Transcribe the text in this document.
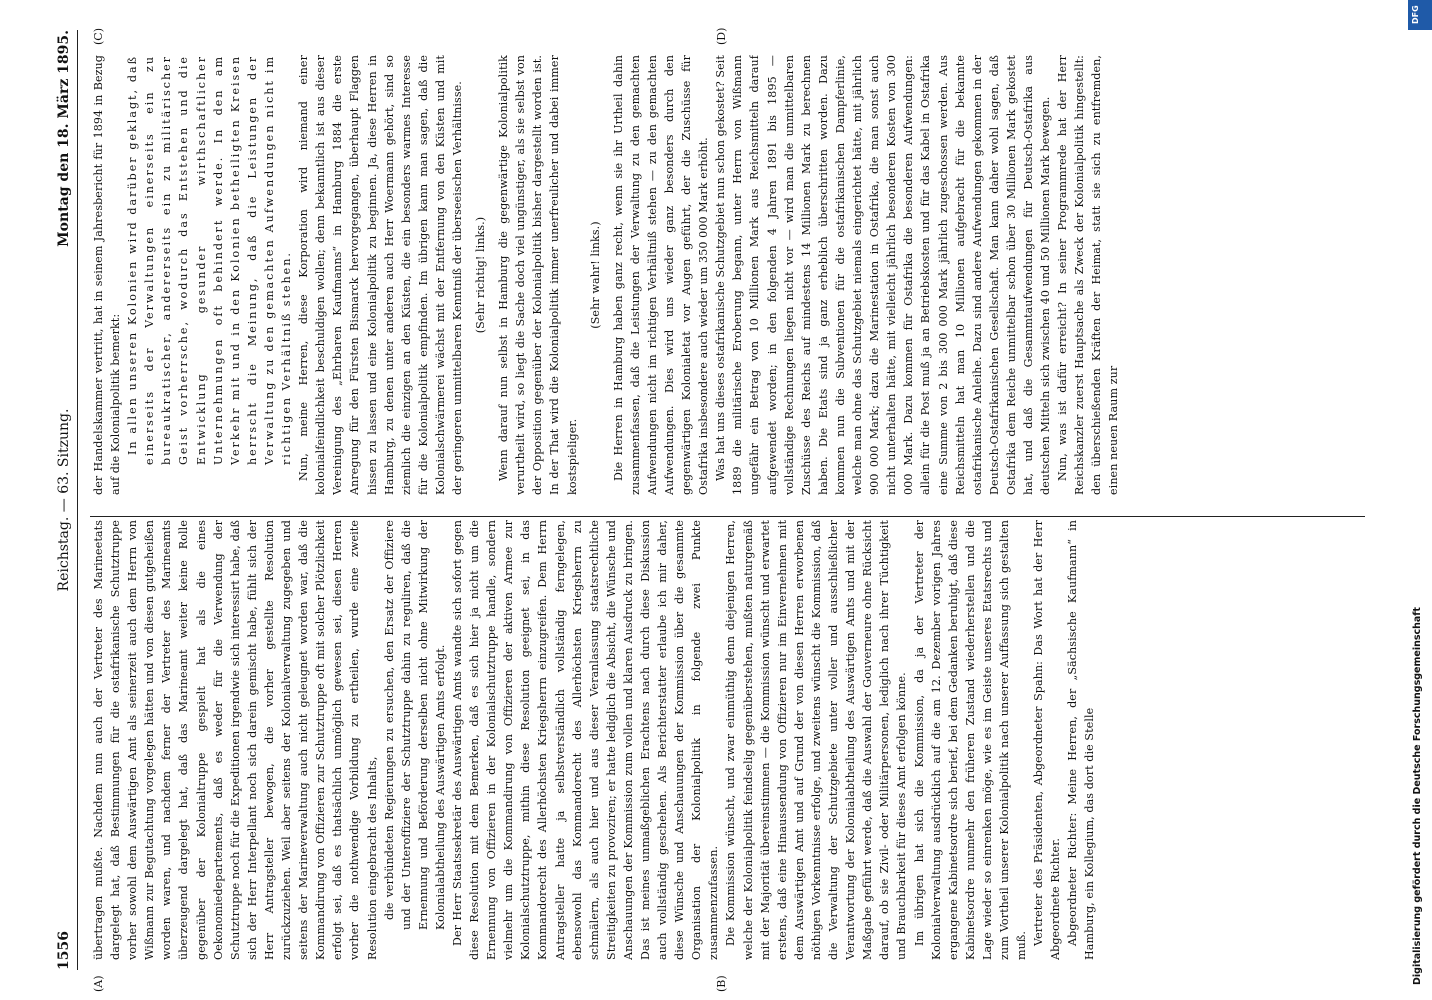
1556
Reichstag. — 63. Sitzung.
Montag den 18. März 1895.
(A)	(B)
(C)	(D)

übertragen mußte. Nachdem nun auch der Vertreter des Marineetats dargelegt hat, daß Bestimmungen für die ostafrikanische Schutztruppe vorher sowohl dem Auswärtigen Amt als seinerzeit auch dem Herrn von Wißmann zur Begutachtung vorgelegen hätten und von diesen gutgeheißen worden waren, und nachdem ferner der Vertreter des Marineamts überzeugend dargelegt hat, daß das Marineamt weiter keine Rolle gegenüber der Kolonialtruppe gespielt hat als die eines Oekonomiedepartements, daß es weder für die Verwendung der Schutztruppe noch für die Expeditionen irgendwie sich interessirt habe, daß sich der Herr Interpellant noch sich darein gemischt habe, fühlt sich der Herr Antragsteller bewogen, die vorher gestellte Resolution zurückzuziehen. Weil aber seitens der Kolonialverwaltung zugegeben und seitens der Marineverwaltung auch nicht geleugnet worden war, daß die Kommandirung von Offizieren zur Schutztruppe oft mit solcher Plötzlichkeit erfolgt sei, daß es thatsächlich unmöglich gewesen sei, diesen Herren vorher die nothwendige Vorbildung zu ertheilen, wurde eine zweite Resolution eingebracht des Inhalts, die verbündeten Regierungen zu ersuchen, den Ersatz der Offiziere und der Unteroffiziere der Schutztruppe dahin zu reguliren, daß die Ernennung und Beförderung derselben nicht ohne Mitwirkung der Kolonialabtheilung des Auswärtigen Amts erfolgt. Der Herr Staatssekretär des Auswärtigen Amts wandte sich sofort gegen diese Resolution mit dem Bemerken, daß es sich hier ja nicht um die Ernennung von Offizieren in der Kolonialschutztruppe handle, sondern vielmehr um die Kommandirung von Offizieren der aktiven Armee zur Kolonialschutztruppe, mithin diese Resolution geeignet sei, in das Kommandorecht des Allerhöchsten Kriegsherrn einzugreifen. Dem Herrn Antragsteller hatte ja selbstverständlich vollständig ferngelegen, ebensowohl das Kommandorecht des Allerhöchsten Kriegsherrn zu schmälern, als auch hier und aus dieser Veranlassung staatsrechtliche Streitigkeiten zu provoziren; er hatte lediglich die Absicht, die Wünsche und Anschauungen der Kommission zum vollen und klaren Ausdruck zu bringen. Das ist meines unmaßgeblichen Erachtens nach durch diese Diskussion auch vollständig geschehen. Als Berichterstatter erlaube ich mir daher, diese Wünsche und Anschauungen der Kommission über die gesammte Organisation der Kolonialpolitik in folgende zwei Punkte zusammenzufassen. Die Kommission wünscht, und zwar einmüthig denn diejenigen Herren, welche der Kolonialpolitik feindselig gegenüberstehen, mußten naturgemäß mit der Majorität übereinstimmen — die Kommission wünscht und erwartet erstens, daß eine Hinaussendung von Offizieren nur im Einvernehmen mit dem Auswärtigen Amt und auf Grund der von diesen Herren erworbenen nöthigen Vorkenntnisse erfolge, und zweitens wünscht die Kommission, daß die Verwaltung der Schutzgebiete unter voller und ausschließlicher Verantwortung der Kolonialabtheilung des Auswärtigen Amts und mit der Maßgabe geführt werde, daß die Auswahl der Gouverneure ohne Rücksicht darauf, ob sie Zivil- oder Militärpersonen, lediglich nach ihrer Tüchtigkeit und Brauchbarkeit für dieses Amt erfolgen könne. Im übrigen hat sich die Kommission, da ja der Vertreter der Kolonialverwaltung ausdrücklich auf die am 12. Dezember vorigen Jahres ergangene Kabinetsordre sich berief, bei dem Gedanken beruhigt, daß diese Kabinetsordre nunmehr den früheren Zustand wiederherstellen und die Lage wieder so einrenken möge, wie es im Geiste unseres Etatsrechts und zum Vortheil unserer Kolonialpolitik nach unserer Auffassung sich gestalten muß. Vertreter des Präsidenten, Abgeordneter Spahn: Das Wort hat der Herr Abgeordnete Richter. Abgeordneter Richter: Meine Herren, der „Sächsische Kaufmann“ in Hamburg, ein Kollegium, das dort die Stelle

der Handelskammer vertritt, hat in seinem Jahresbericht für 1894 in Bezug auf die Kolonialpolitik bemerkt: In allen unseren Kolonien wird darüber geklagt, daß einerseits der Verwaltungen einerseits ein zu bureaukratischer, andererseits ein zu militärischer Geist vorherrsche, wodurch das Entstehen und die Entwicklung gesunder wirthschaftlicher Unternehmungen oft behindert werde. In den am Verkehr mit und in den Kolonien betheiligten Kreisen herrscht die Meinung, daß die Leistungen der Verwaltung zu den gemachten Aufwendungen nicht im richtigen Verhältniß stehen. Nun, meine Herren, diese Korporation wird niemand einer kolonialfeindlichkeit beschuldigen wollen; denn bekanntlich ist aus dieser Vereinigung des „Ehrbaren Kaufmanns“ in Hamburg 1884 die erste Anregung für den Fürsten Bismarck hervorgegangen, überhaupt Flaggen hissen zu lassen und eine Kolonialpolitik zu beginnen. Ja, diese Herren in Hamburg, zu denen unter anderen auch Herr Woermann gehört, sind so ziemlich die einzigen an den Küsten, die ein besonders warmes Interesse für die Kolonialpolitik empfinden. Im übrigen kann man sagen, daß die Kolonialschwärmerei wächst mit der Entfernung von den Küsten und mit der geringeren unmittelbaren Kenntniß der überseeischen Verhältnisse. (Sehr richtig! links.) Wenn darauf nun selbst in Hamburg die gegenwärtige Kolonialpolitik verurtheilt wird, so liegt die Sache doch viel ungünstiger, als sie selbst von der Opposition gegenüber der Kolonialpolitik bisher dargestellt worden ist. In der That wird die Kolonialpolitik immer unerfreulicher und dabei immer kostspieliger.

(Sehr wahr! links.) Die Herren in Hamburg haben ganz recht, wenn sie ihr Urtheil dahin zusammenfassen, daß die Leistungen der Verwaltung zu den gemachten Aufwendungen nicht im richtigen Verhältniß stehen — zu den gemachten Aufwendungen. Dies wird uns wieder ganz besonders durch den gegenwärtigen Kolonialetat vor Augen geführt, der die Zuschüsse für Ostafrika insbesondere auch wieder um 350 000 Mark erhöht. Was hat uns dieses ostafrikanische Schutzgebiet nun schon gekostet? Seit 1889 die militärische Eroberung begann, unter Herrn von Wißmann ungefähr ein Betrag von 10 Millionen Mark aus Reichsmitteln darauf aufgewendet worden; in den folgenden 4 Jahren 1891 bis 1895 — vollständige Rechnungen liegen nicht vor — wird man die unmittelbaren Zuschüsse des Reichs auf mindestens 14 Millionen Mark zu berechnen haben. Die Etats sind ja ganz erheblich überschritten worden. Dazu kommen nun die Subventionen für die ostafrikanischen Dampferlinie, welche man ohne das Schutzgebiet niemals eingerichtet hätte, mit jährlich 900 000 Mark; dazu die Marinestation in Ostafrika, die man sonst auch nicht unterhalten hätte, mit vielleicht jährlich besonderen Kosten von 300 000 Mark. Dazu kommen für Ostafrika die besonderen Aufwendungen: allein für die Post muß ja an Betriebskosten und für das Kabel in Ostafrika eine Summe von 2 bis 300 000 Mark jährlich zugeschossen werden. Aus Reichsmitteln hat man 10 Millionen aufgebracht für die bekannte ostafrikanische Anleihe. Dazu sind andere Aufwendungen gekommen in der Deutsch-Ostafrikanischen Gesellschaft. Man kann daher wohl sagen, daß Ostafrika dem Reiche unmittelbar schon über 30 Millionen Mark gekostet hat, und daß die Gesammtaufwendungen für Deutsch-Ostafrika aus deutschen Mitteln sich zwischen 40 und 50 Millionen Mark bewegen. Nun, was ist dafür erreicht? In seiner Programmrede hat der Herr Reichskanzler zuerst Hauptsache als Zweck der Kolonialpolitik hingestellt: den überschießenden Kräften der Heimat, statt sie sich zu entfremden, einen neuen Raum zur

Digitalisierung gefördert durch die Deutsche Forschungsgemeinschaft
DFG
